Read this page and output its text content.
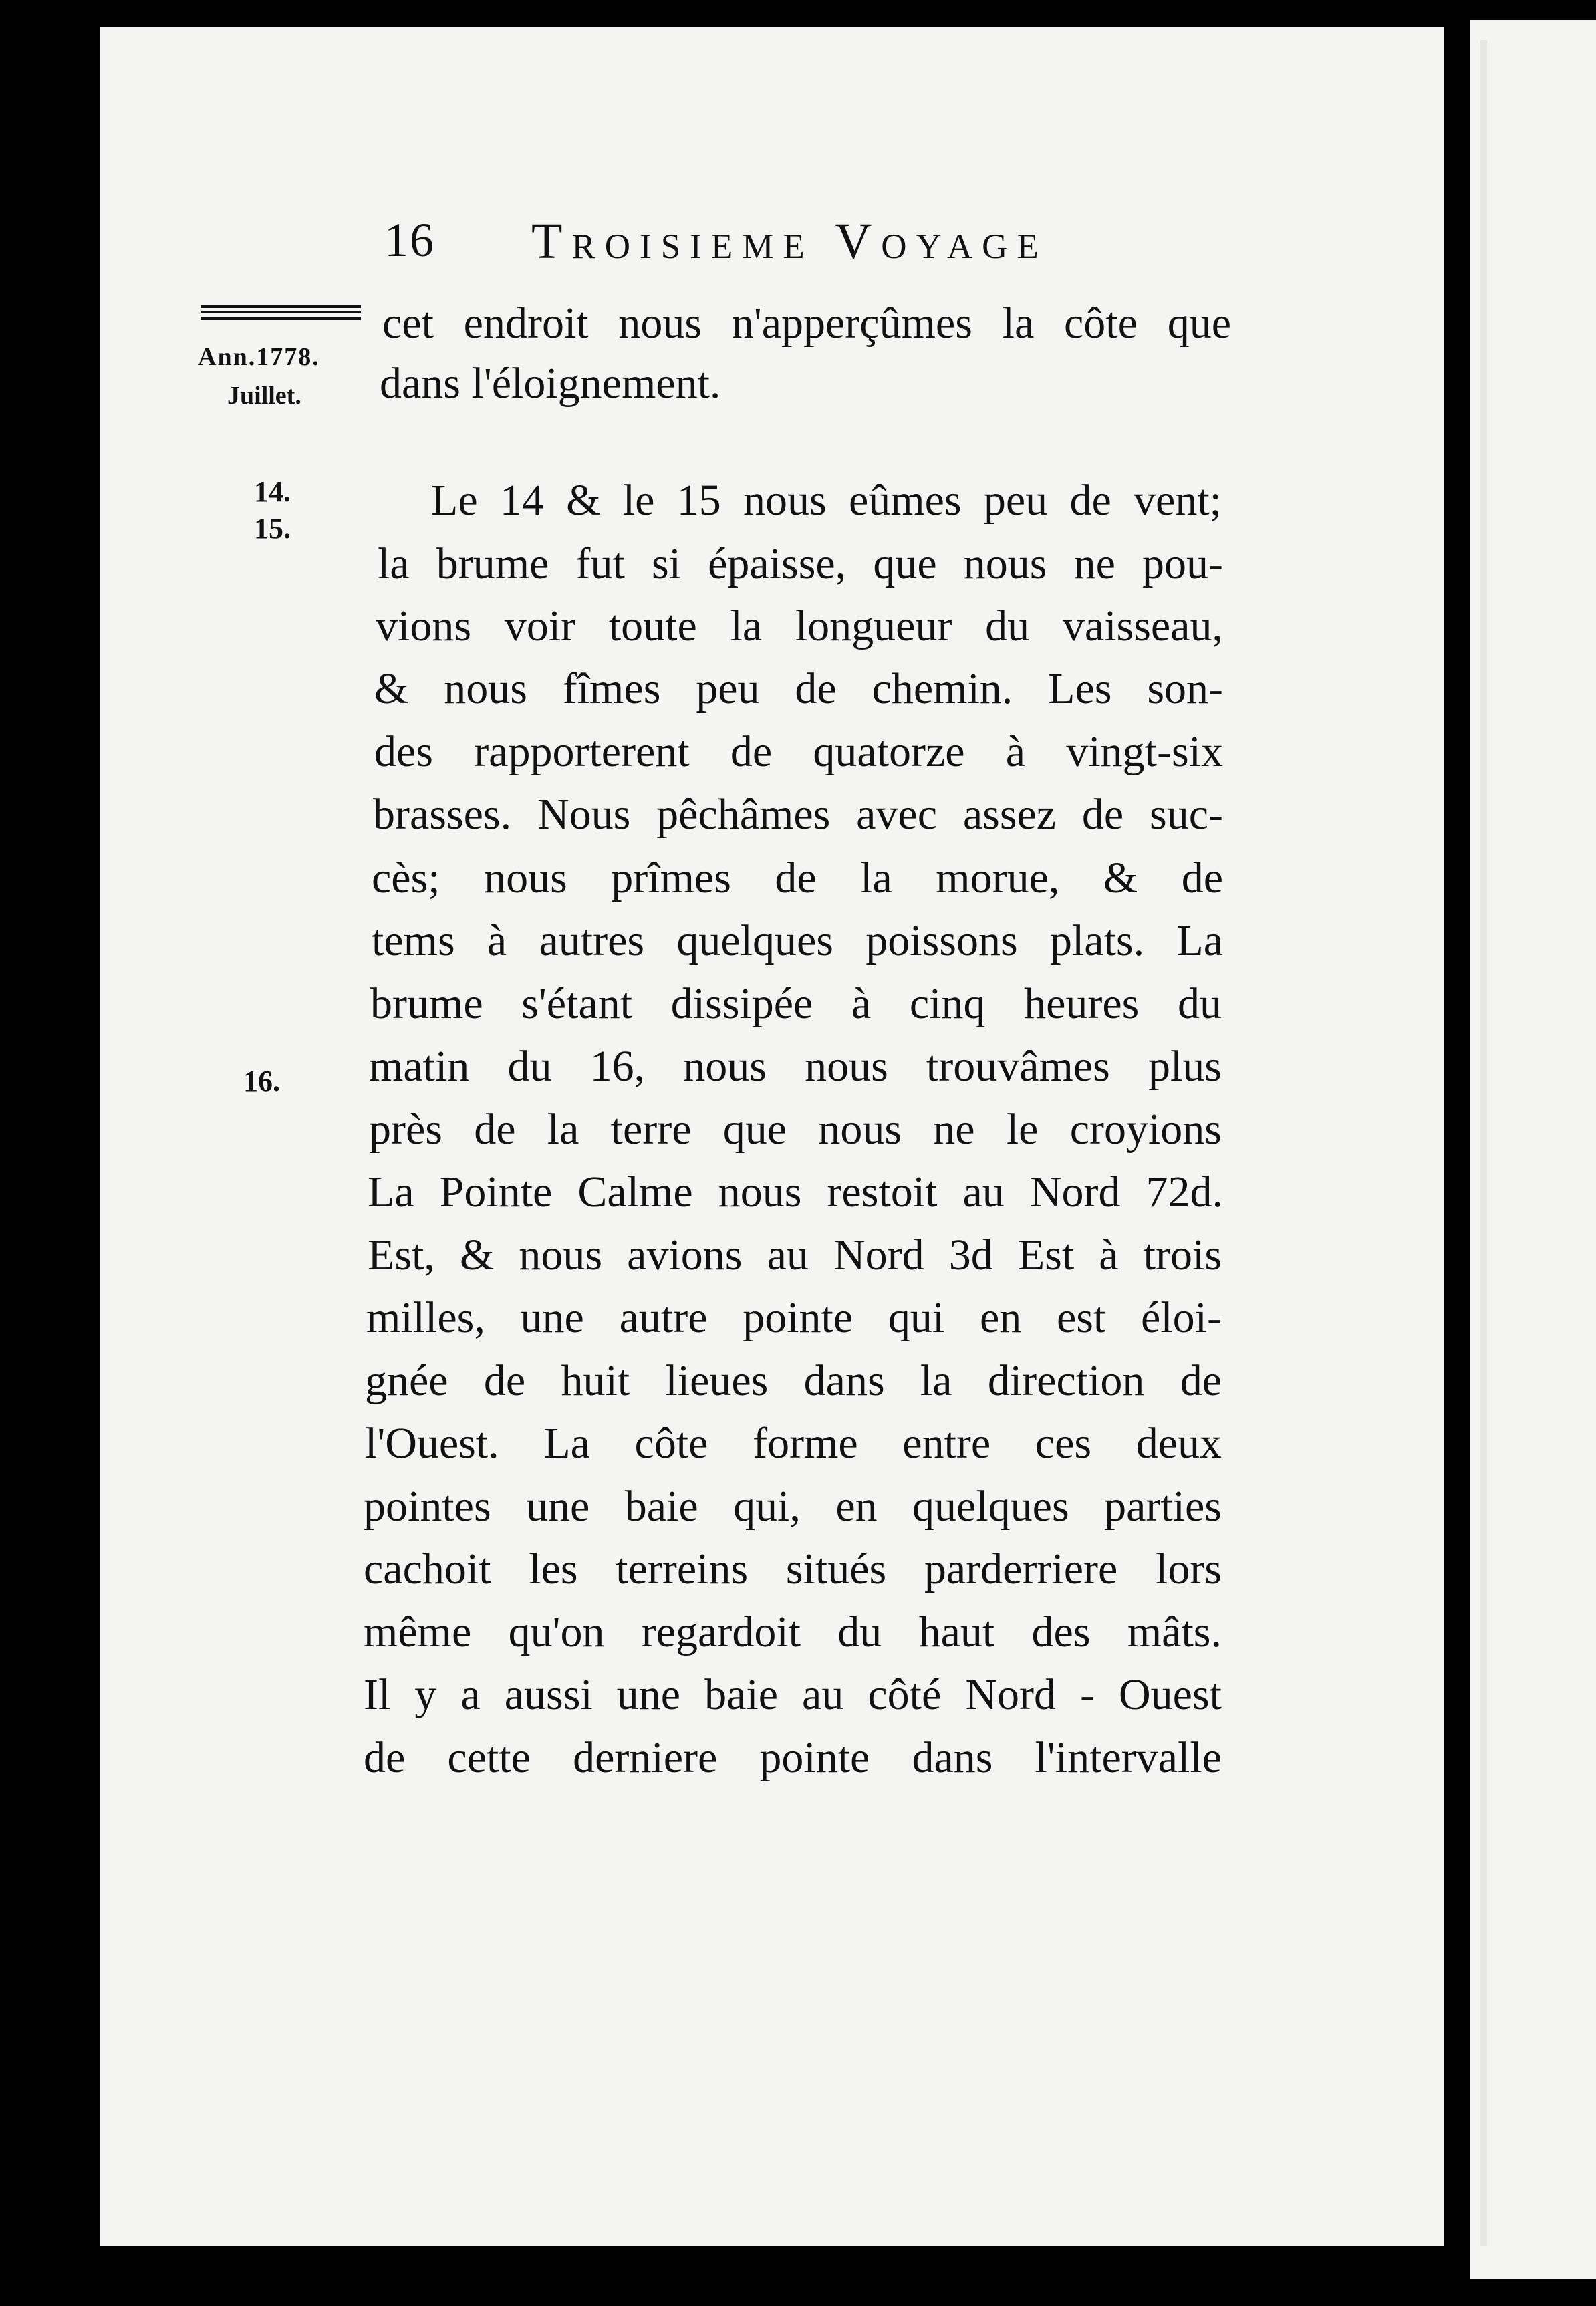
16 Troisieme Voyage
Ann.1778.
Juillet.
14.
15.
16.
cet endroit nous n'apperçûmes la côte que
dans l'éloignement.
Le 14 & le 15 nous eûmes peu de vent;
la brume fut si épaisse, que nous ne pou-
vions voir toute la longueur du vaisseau,
& nous fîmes peu de chemin. Les son-
des rapporterent de quatorze à vingt-six
brasses. Nous pêchâmes avec assez de suc-
cès; nous prîmes de la morue, & de
tems à autres quelques poissons plats. La
brume s'étant dissipée à cinq heures du
matin du 16, nous nous trouvâmes plus
près de la terre que nous ne le croyions
La Pointe Calme nous restoit au Nord 72d.
Est, & nous avions au Nord 3d Est à trois
milles, une autre pointe qui en est éloi-
gnée de huit lieues dans la direction de
l'Ouest. La côte forme entre ces deux
pointes une baie qui, en quelques parties
cachoit les terreins situés parderriere lors
même qu'on regardoit du haut des mâts.
Il y a aussi une baie au côté Nord - Ouest
de cette derniere pointe dans l'intervalle
